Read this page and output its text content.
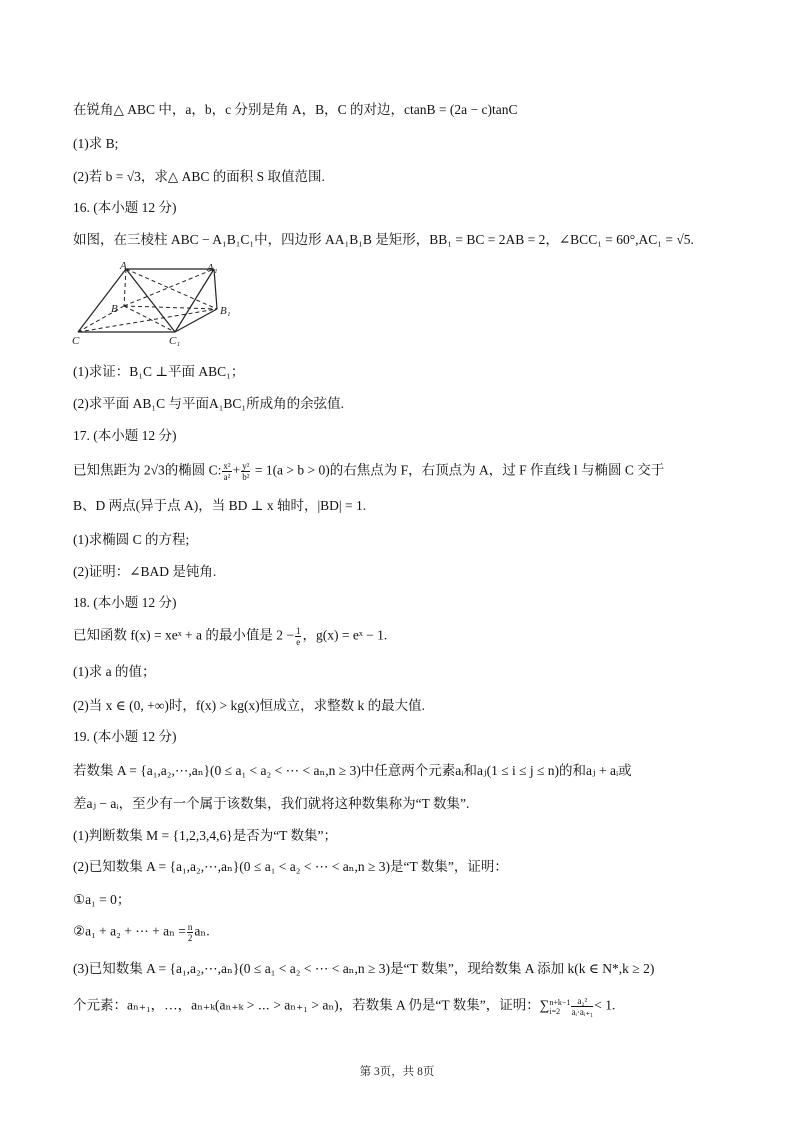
在锐角△ ABC 中，a，b，c 分别是角 A，B，C 的对边，ctanB = (2a − c)tanC
(1)求 B;
(2)若 b = √3，求△ ABC 的面积 S 取值范围.
16. (本小题 12 分)
如图，在三棱柱 ABC − A₁B₁C₁中，四边形 AA₁B₁B 是矩形，BB₁ = BC = 2AB = 2，∠BCC₁ = 60°,AC₁ = √5.
A	A₁
B	B₁
C	C₁
(1)求证：B₁C ⊥平面 ABC₁；
(2)求平面 AB₁C 与平面A₁BC₁所成角的余弦值.
17. (本小题 12 分)
已知焦距为 2√3的椭圆 C: $\frac{\text{x²}}{\text{a²}} + \frac{\text{y²}}{\text{b²}} = 1(a > b > 0)$的右焦点为 F，右顶点为 A，过 F 作直线 l 与椭圆 C 交于
B、D 两点(异于点 A)，当 BD ⊥ x 轴时，|BD| = 1.
(1)求椭圆 C 的方程;
(2)证明：∠BAD 是钝角.
18. (本小题 12 分)
已知函数 f(x) = xeˣ + a 的最小值是 $2 - \frac{1}{e}$ ，g(x) = eˣ − 1.
(1)求 a 的值；
(2)当 x ∈ (0, +∞)时，f(x) > kg(x)恒成立，求整数 k 的最大值.
19. (本小题 12 分)
若数集 A = {a₁,a₂,⋯,aₙ}(0 ≤ a₁ < a₂ < ⋯ < aₙ,n ≥ 3)中任意两个元素aᵢ和aⱼ(1 ≤ i ≤ j ≤ n)的和aⱼ + aᵢ或
差aⱼ − aᵢ，至少有一个属于该数集，我们就将这种数集称为“T 数集”.
(1)判断数集 M = {1,2,3,4,6}是否为“T 数集”；
(2)已知数集 A = {a₁,a₂,⋯,aₙ}(0 ≤ a₁ < a₂ < ⋯ < aₙ,n ≥ 3)是“T 数集”，证明：
①a₁ = 0；
②a₁ + a₂ + ⋯ + $a_n = \frac{n}{2} a_n$.
(3)已知数集 A = {a₁,a₂,⋯,aₙ}(0 ≤ a₁ < a₂ < ⋯ < aₙ,n ≥ 3)是“T 数集”，现给数集 A 添加 k(k ∈ N*,k ≥ 2)
个元素：aₙ₊₁，…，aₙ₊ₖ(aₙ₊ₖ > ⋯ > aₙ₊₁ > aₙ)，若数集 A 仍是“T 数集”，证明：∑ n+k−1
i=2	$\frac{\text{a₂²}}{\text{aᵢ·aᵢ₊₁}} < 1$.
第 3页，共 8页
